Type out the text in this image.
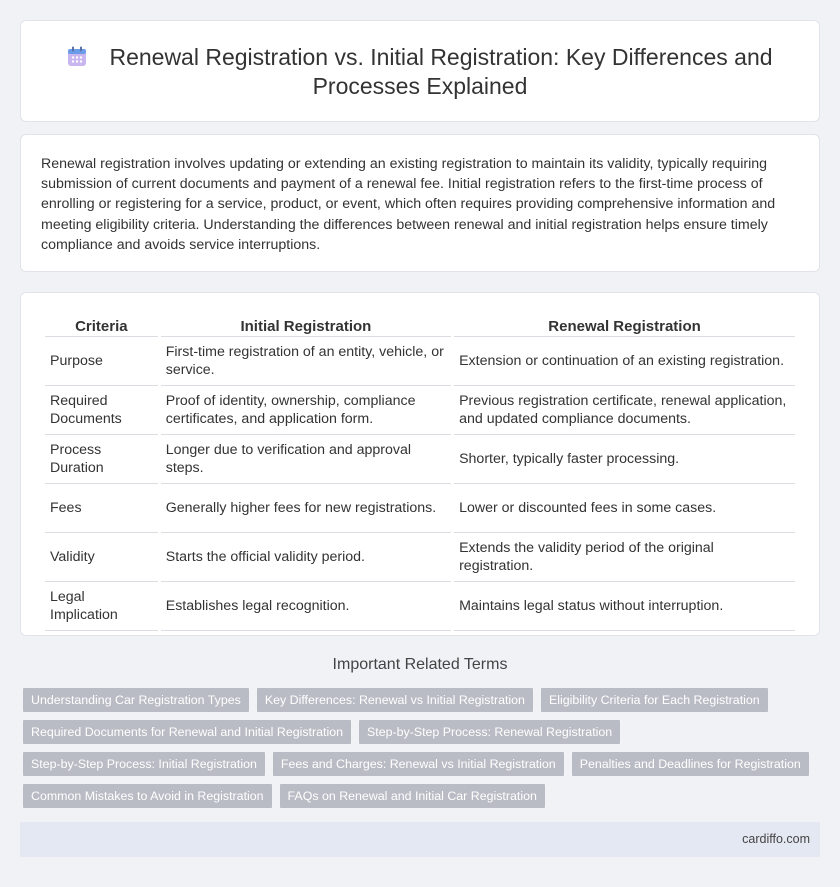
Renewal Registration vs. Initial Registration: Key Differences and Processes Explained

Renewal registration involves updating or extending an existing registration to maintain its validity, typically requiring submission of current documents and payment of a renewal fee. Initial registration refers to the first-time process of enrolling or registering for a service, product, or event, which often requires providing comprehensive information and meeting eligibility criteria. Understanding the differences between renewal and initial registration helps ensure timely compliance and avoids service interruptions.

Criteria	Initial Registration	Renewal Registration
Purpose	First-time registration of an entity, vehicle, or service.	Extension or continuation of an existing registration.
Required Documents	Proof of identity, ownership, compliance certificates, and application form.	Previous registration certificate, renewal application, and updated compliance documents.
Process Duration	Longer due to verification and approval steps.	Shorter, typically faster processing.
Fees	Generally higher fees for new registrations.	Lower or discounted fees in some cases.
Validity	Starts the official validity period.	Extends the validity period of the original registration.
Legal Implication	Establishes legal recognition.	Maintains legal status without interruption.
Important Related Terms
Understanding Car Registration Types	Key Differences: Renewal vs Initial Registration	Eligibility Criteria for Each Registration
Required Documents for Renewal and Initial Registration	Step-by-Step Process: Renewal Registration
Step-by-Step Process: Initial Registration	Fees and Charges: Renewal vs Initial Registration	Penalties and Deadlines for Registration
Common Mistakes to Avoid in Registration	FAQs on Renewal and Initial Car Registration
cardiffo.com
